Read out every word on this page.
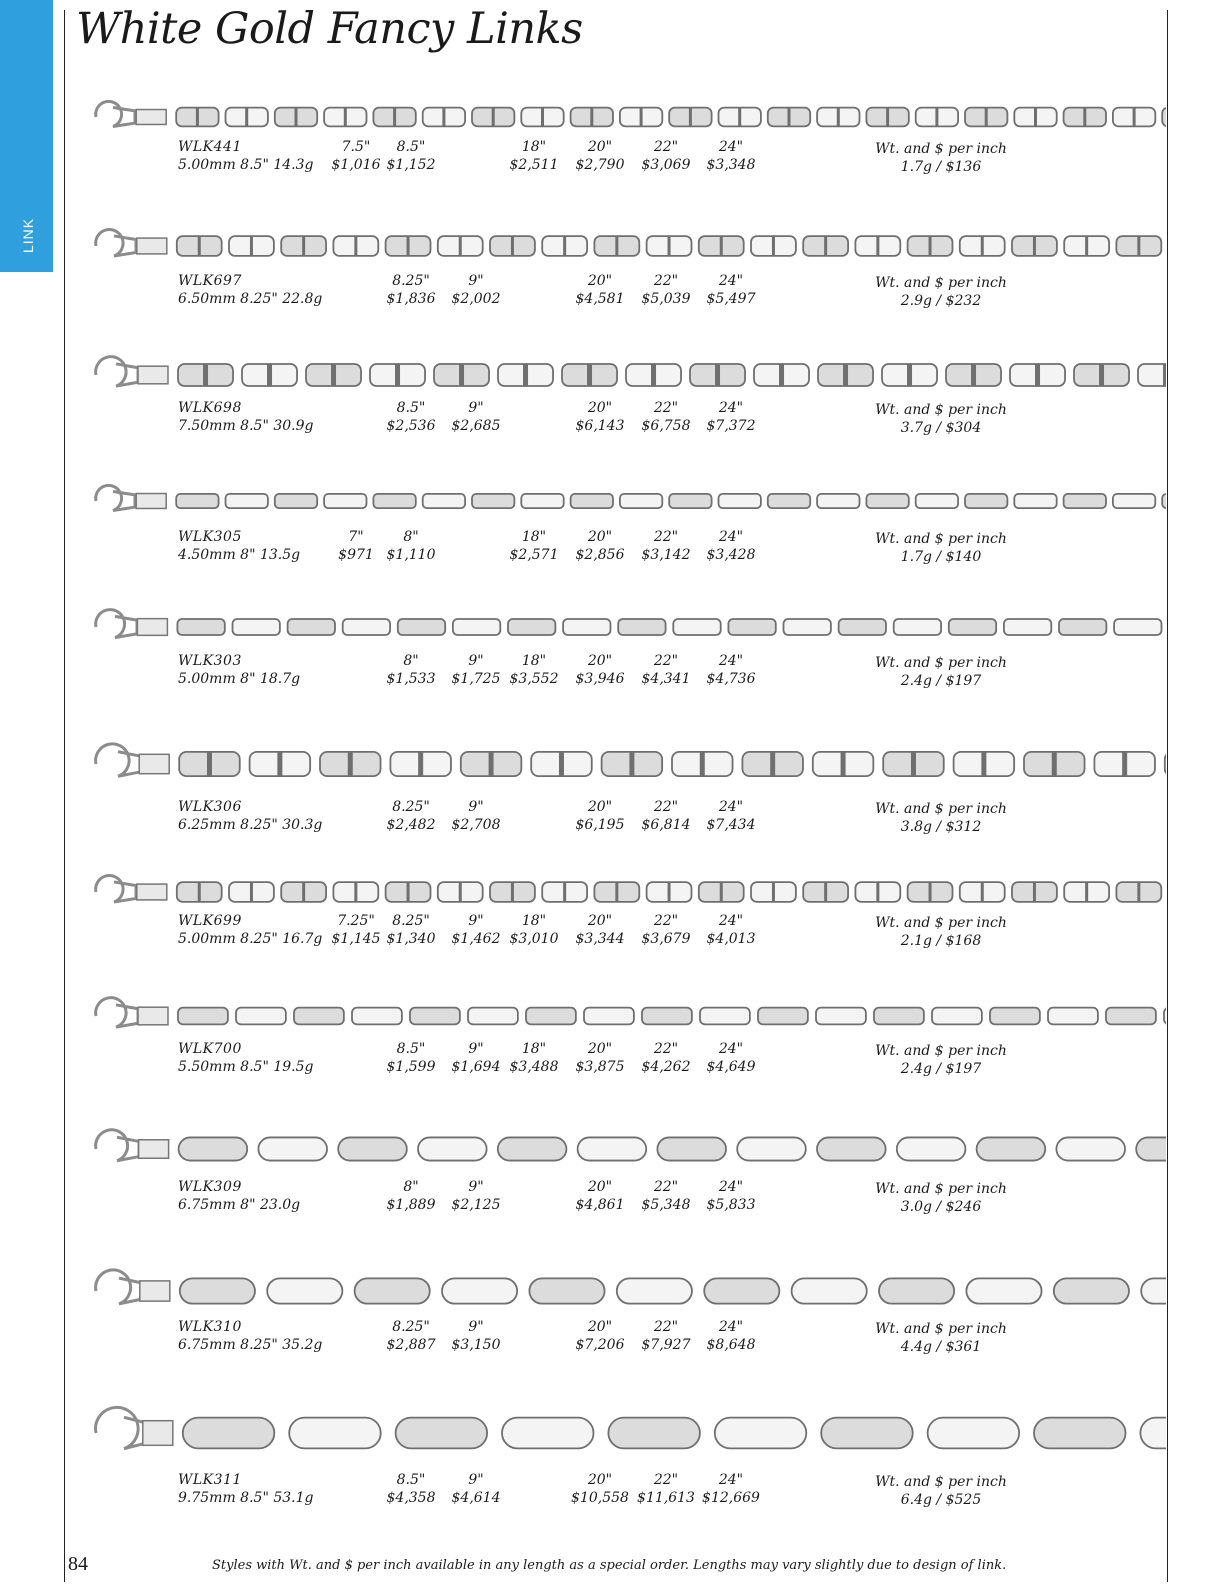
LINK
White Gold Fancy Links
WLK441
5.00mm 8.5" 14.3g
7.5"
$1,016
8.5"
$1,152
18"
$2,511
20"
$2,790
22"
$3,069
24"
$3,348
Wt. and $ per inch
1.7g / $136
WLK697
6.50mm 8.25" 22.8g
8.25"
$1,836
9"
$2,002
20"
$4,581
22"
$5,039
24"
$5,497
Wt. and $ per inch
2.9g / $232
WLK698
7.50mm 8.5" 30.9g
8.5"
$2,536
9"
$2,685
20"
$6,143
22"
$6,758
24"
$7,372
Wt. and $ per inch
3.7g / $304
WLK305
4.50mm 8" 13.5g
7"
$971
8"
$1,110
18"
$2,571
20"
$2,856
22"
$3,142
24"
$3,428
Wt. and $ per inch
1.7g / $140
WLK303
5.00mm 8" 18.7g
8"
$1,533
9"
$1,725
18"
$3,552
20"
$3,946
22"
$4,341
24"
$4,736
Wt. and $ per inch
2.4g / $197
WLK306
6.25mm 8.25" 30.3g
8.25"
$2,482
9"
$2,708
20"
$6,195
22"
$6,814
24"
$7,434
Wt. and $ per inch
3.8g / $312
WLK699
5.00mm 8.25" 16.7g
7.25"
$1,145
8.25"
$1,340
9"
$1,462
18"
$3,010
20"
$3,344
22"
$3,679
24"
$4,013
Wt. and $ per inch
2.1g / $168
WLK700
5.50mm 8.5" 19.5g
8.5"
$1,599
9"
$1,694
18"
$3,488
20"
$3,875
22"
$4,262
24"
$4,649
Wt. and $ per inch
2.4g / $197
WLK309
6.75mm 8" 23.0g
8"
$1,889
9"
$2,125
20"
$4,861
22"
$5,348
24"
$5,833
Wt. and $ per inch
3.0g / $246
WLK310
6.75mm 8.25" 35.2g
8.25"
$2,887
9"
$3,150
20"
$7,206
22"
$7,927
24"
$8,648
Wt. and $ per inch
4.4g / $361
WLK311
9.75mm 8.5" 53.1g
8.5"
$4,358
9"
$4,614
20"
$10,558
22"
$11,613
24"
$12,669
Wt. and $ per inch
6.4g / $525
84	Styles with Wt. and $ per inch available in any length as a special order. Lengths may vary slightly due to design of link.
